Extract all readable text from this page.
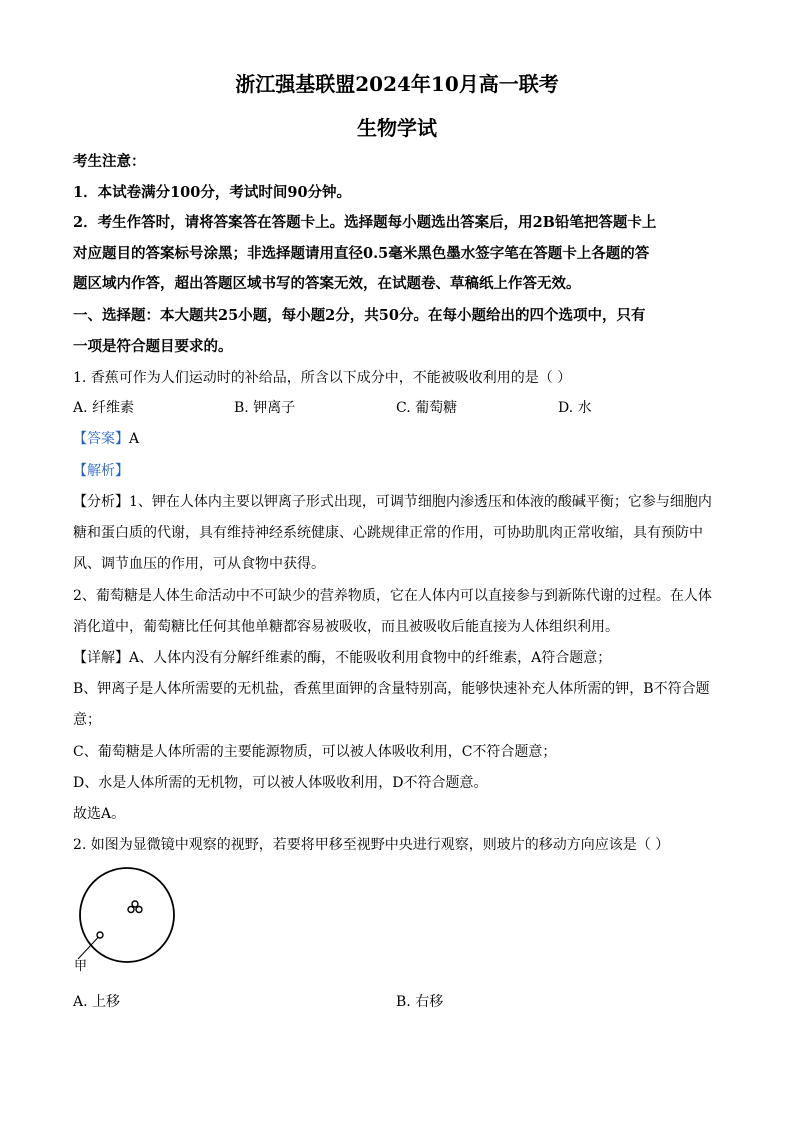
浙江强基联盟2024年10月高一联考
生物学试
考生注意：
1．本试卷满分100分，考试时间90分钟。
2．考生作答时，请将答案答在答题卡上。选择题每小题选出答案后，用2B铅笔把答题卡上
对应题目的答案标号涂黑；非选择题请用直径0.5毫米黑色墨水签字笔在答题卡上各题的答
题区域内作答，超出答题区域书写的答案无效，在试题卷、草稿纸上作答无效。
一、选择题：本大题共25小题，每小题2分，共50分。在每小题给出的四个选项中，只有
一项是符合题目要求的。
1. 香蕉可作为人们运动时的补给品，所含以下成分中，不能被吸收利用的是（ ）
A. 纤维素	B. 钾离子	C. 葡萄糖	D. 水
【答案】A
【解析】
【分析】1、钾在人体内主要以钾离子形式出现，可调节细胞内渗透压和体液的酸碱平衡；它参与细胞内
糖和蛋白质的代谢，具有维持神经系统健康、心跳规律正常的作用，可协助肌肉正常收缩，具有预防中
风、调节血压的作用，可从食物中获得。
2、葡萄糖是人体生命活动中不可缺少的营养物质，它在人体内可以直接参与到新陈代谢的过程。在人体
消化道中，葡萄糖比任何其他单糖都容易被吸收，而且被吸收后能直接为人体组织利用。
【详解】A、人体内没有分解纤维素的酶，不能吸收利用食物中的纤维素，A符合题意；
B、钾离子是人体所需要的无机盐，香蕉里面钾的含量特别高，能够快速补充人体所需的钾，B不符合题
意；
C、葡萄糖是人体所需的主要能源物质，可以被人体吸收利用，C不符合题意；
D、水是人体所需的无机物，可以被人体吸收利用，D不符合题意。
故选A。
2. 如图为显微镜中观察的视野，若要将甲移至视野中央进行观察，则玻片的移动方向应该是（ ）
甲
A. 上移	B. 右移
